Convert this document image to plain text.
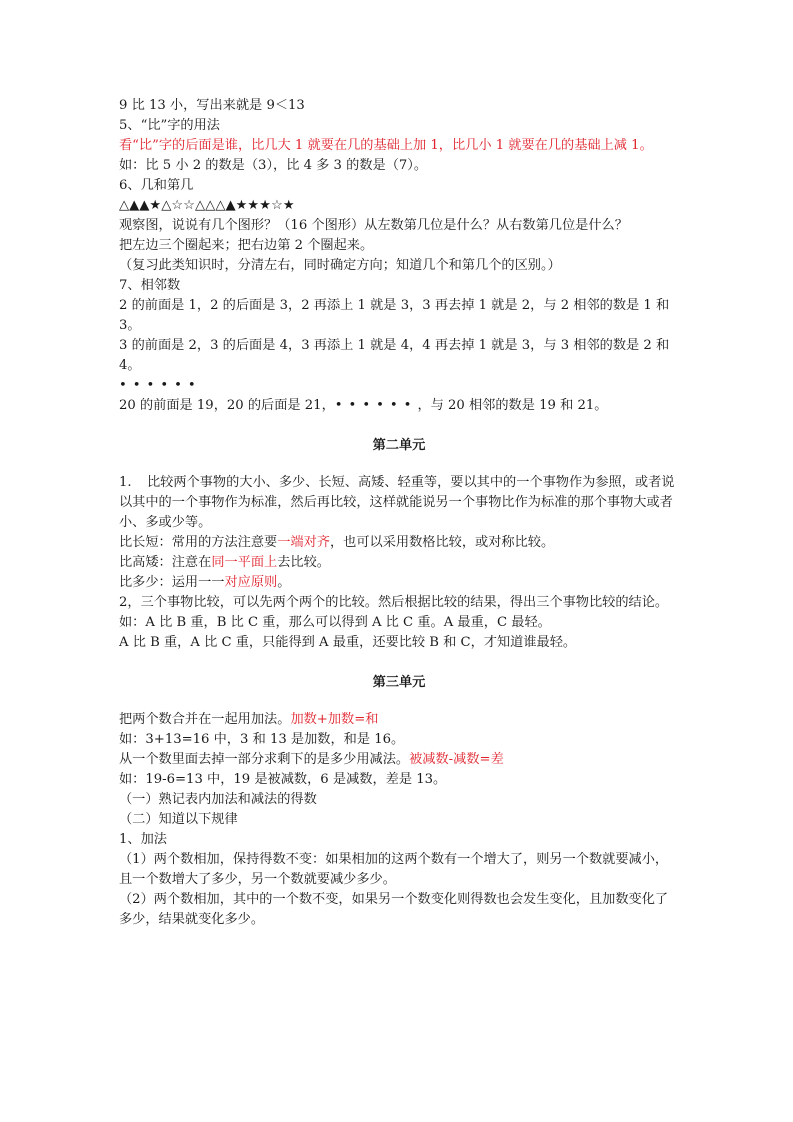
9 比 13 小，写出来就是 9＜13

5、“比”字的用法

看“比”字的后面是谁，比几大 1 就要在几的基础上加 1，比几小 1 就要在几的基础上减 1。

如：比 5 小 2 的数是（3），比 4 多 3 的数是（7）。

6、几和第几

△▲▲★△☆☆△△△▲★★★☆★

观察图，说说有几个图形？（16 个图形）从左数第几位是什么？从右数第几位是什么？

把左边三个圈起来；把右边第 2 个圈起来。

（复习此类知识时，分清左右，同时确定方向；知道几个和第几个的区别。）

7、相邻数

2 的前面是 1，2 的后面是 3，2 再添上 1 就是 3，3 再去掉 1 就是 2，与 2 相邻的数是 1 和 3。

3 的前面是 2，3 的后面是 4，3 再添上 1 就是 4，4 再去掉 1 就是 3，与 3 相邻的数是 2 和 4。

••••••

20 的前面是 19，20 的后面是 21，••••••，与 20 相邻的数是 19 和 21。

第二单元

1. 比较两个事物的大小、多少、长短、高矮、轻重等，要以其中的一个事物作为参照，或者说以其中的一个事物作为标准，然后再比较，这样就能说另一个事物比作为标准的那个事物大或者小、多或少等。

比长短：常用的方法注意要一端对齐，也可以采用数格比较，或对称比较。

比高矮：注意在同一平面上去比较。

比多少：运用一一对应原则。

2，三个事物比较，可以先两个两个的比较。然后根据比较的结果，得出三个事物比较的结论。

如：A 比 B 重，B 比 C 重，那么可以得到 A 比 C 重。A 最重，C 最轻。

A 比 B 重，A 比 C 重，只能得到 A 最重，还要比较 B 和 C，才知道谁最轻。

第三单元

把两个数合并在一起用加法。加数+加数=和

如：3+13=16 中，3 和 13 是加数，和是 16。

从一个数里面去掉一部分求剩下的是多少用减法。被减数-减数=差

如：19-6=13 中，19 是被减数，6 是减数，差是 13。

（一）熟记表内加法和减法的得数

（二）知道以下规律

1、加法

（1）两个数相加，保持得数不变：如果相加的这两个数有一个增大了，则另一个数就要减小，且一个数增大了多少，另一个数就要减少多少。

（2）两个数相加，其中的一个数不变，如果另一个数变化则得数也会发生变化，且加数变化了多少，结果就变化多少。
